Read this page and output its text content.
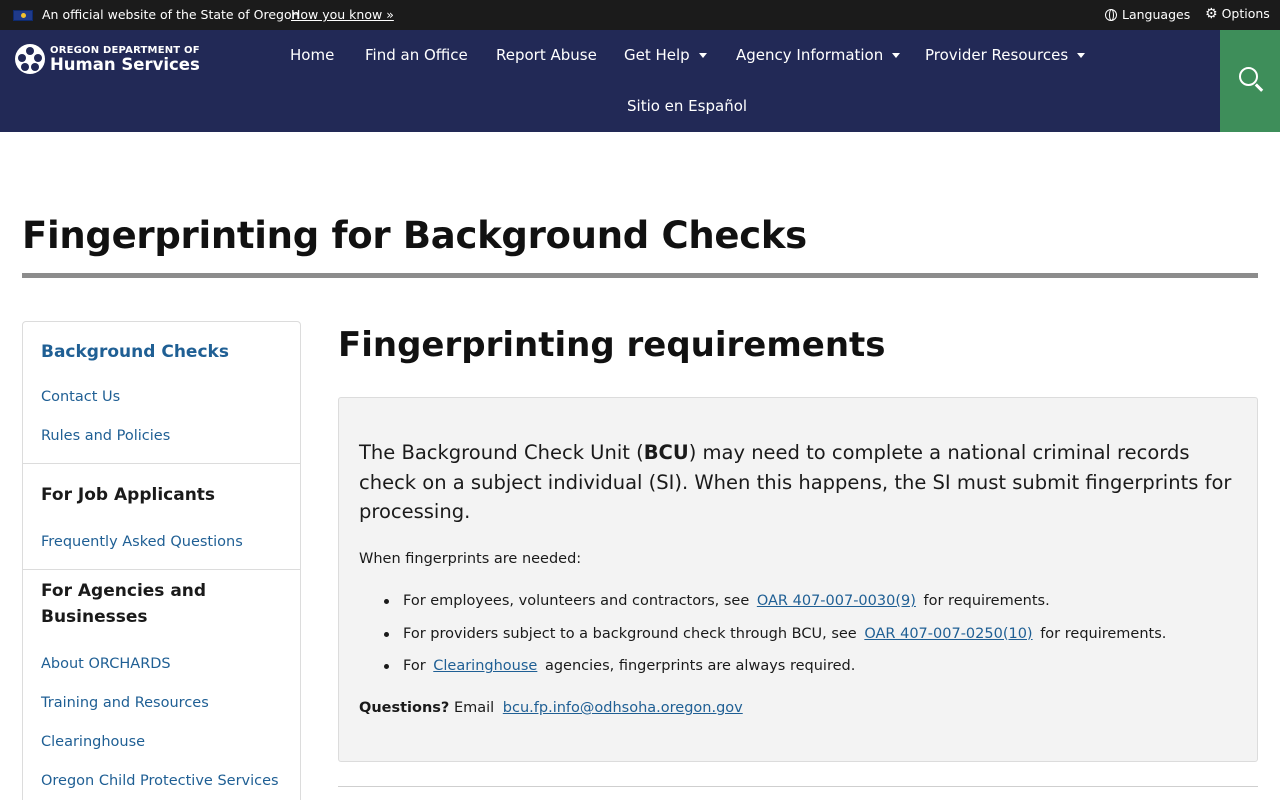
An official website of the State of Oregon
How you know »	Languages ⚙ Options
OREGON DEPARTMENT OF
Human Services	Home Find an Office Report Abuse Get Help	Agency Information	Provider Resources
Sitio en Español
Fingerprinting for Background Checks
Background Checks
Contact Us
Rules and Policies
For Job Applicants
Frequently Asked Questions
For Agencies and
Businesses
About ORCHARDS
Training and Resources
Clearinghouse
Oregon Child Protective Services
Fingerprinting requirements

The Background Check Unit (BCU) may need to complete a national criminal records check on a subject individual (SI). When this happens, the SI must submit fingerprints for processing.

When fingerprints are needed:

For employees, volunteers and contractors, see OAR 407-007-0030(9) for requirements.
For providers subject to a background check through BCU, see OAR 407-007-0250(10) for requirements.
For Clearinghouse agencies, fingerprints are always required.

Questions? Email bcu.fp.info@odhsoha.oregon.gov
